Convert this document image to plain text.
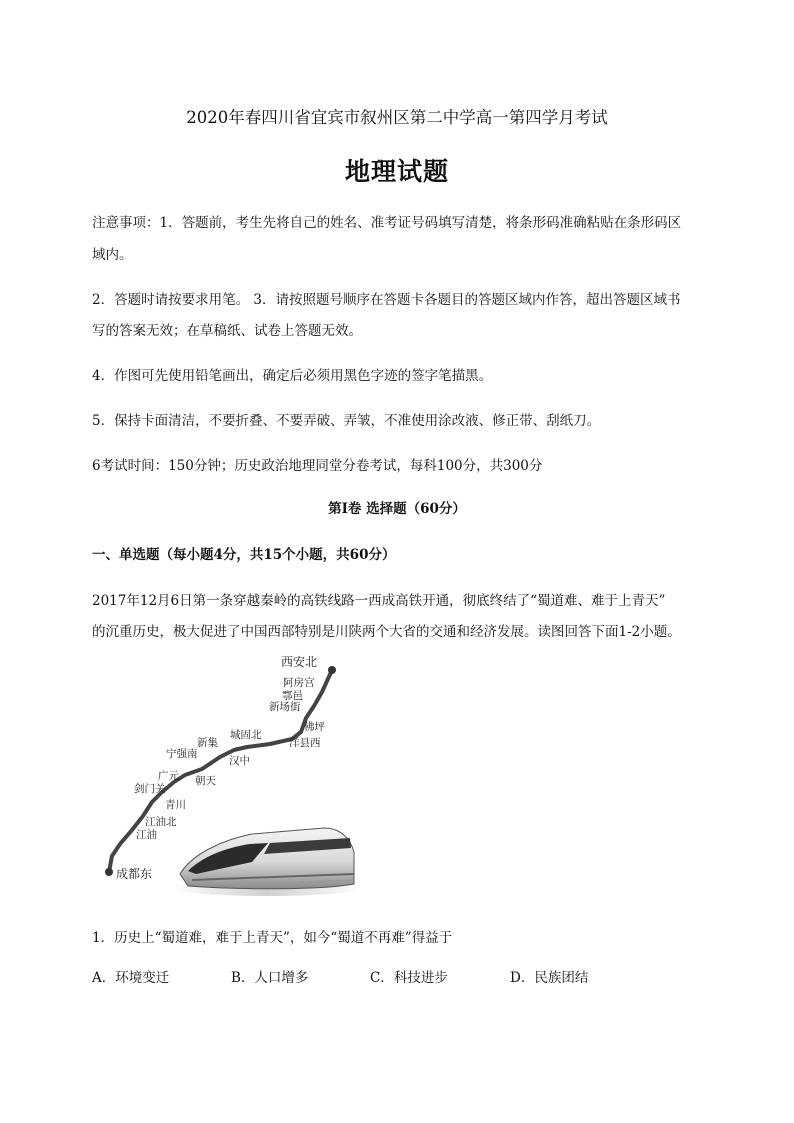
2020年春四川省宜宾市叙州区第二中学高一第四学月考试
地理试题
注意事项：1．答题前，考生先将自己的姓名、准考证号码填写清楚，将条形码准确粘贴在条形码区
域内。
2．答题时请按要求用笔。 3．请按照题号顺序在答题卡各题目的答题区域内作答，超出答题区域书
写的答案无效；在草稿纸、试卷上答题无效。
4．作图可先使用铅笔画出，确定后必须用黑色字迹的签字笔描黑。
5．保持卡面清洁，不要折叠、不要弄破、弄皱，不准使用涂改液、修正带、刮纸刀。
6考试时间：150分钟；历史政治地理同堂分卷考试，每科100分，共300分
第I卷 选择题（60分）
一、单选题（每小题4分，共15个小题，共60分）
2017年12月6日第一条穿越秦岭的高铁线路一西成高铁开通，彻底终结了“蜀道难、难于上青天”
的沉重历史，极大促进了中国西部特别是川陕两个大省的交通和经济发展。读图回答下面1-2小题。
西安北
阿房宫
鄠邑
新场街
佛坪
洋县西
城固北
汉中
新集
宁强南
朝天
广元
剑门关
青川
江油北
江油
成都东
1．历史上“蜀道难，难于上青天”，如今“蜀道不再难”得益于
A．环境变迁	B．人口增多	C．科技进步	D．民族团结
